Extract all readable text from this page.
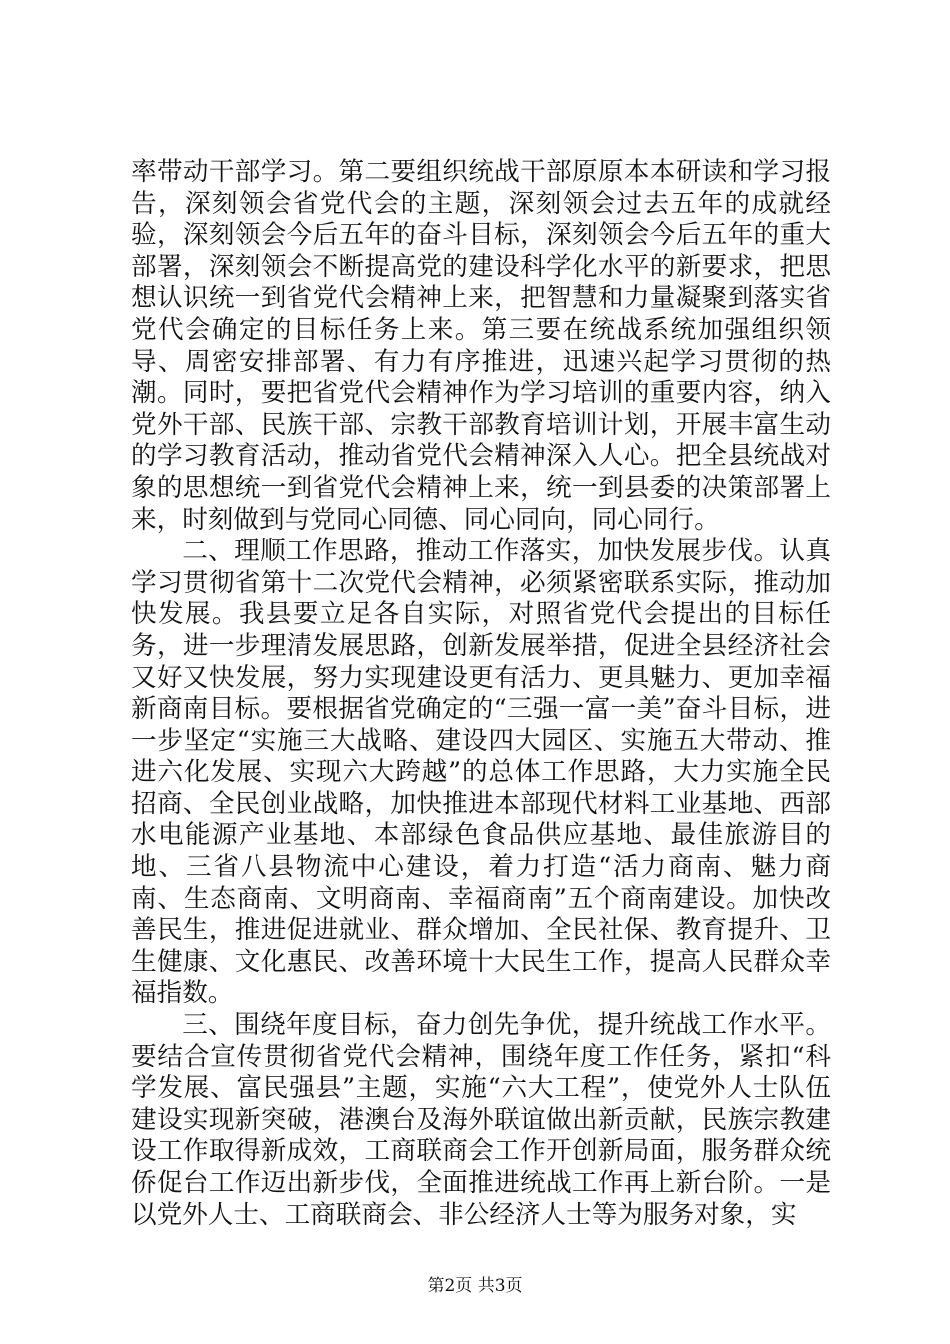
率带动干部学习。第二要组织统战干部原原本本研读和学习报告，深刻领会省党代会的主题，深刻领会过去五年的成就经验，深刻领会今后五年的奋斗目标，深刻领会今后五年的重大部署，深刻领会不断提高党的建设科学化水平的新要求，把思想认识统一到省党代会精神上来，把智慧和力量凝聚到落实省党代会确定的目标任务上来。第三要在统战系统加强组织领导、周密安排部署、有力有序推进，迅速兴起学习贯彻的热潮。同时，要把省党代会精神作为学习培训的重要内容，纳入党外干部、民族干部、宗教干部教育培训计划，开展丰富生动的学习教育活动，推动省党代会精神深入人心。把全县统战对象的思想统一到省党代会精神上来，统一到县委的决策部署上来，时刻做到与党同心同德、同心同向，同心同行。

二、理顺工作思路，推动工作落实，加快发展步伐。认真学习贯彻省第十二次党代会精神，必须紧密联系实际，推动加快发展。我县要立足各自实际，对照省党代会提出的目标任务，进一步理清发展思路，创新发展举措，促进全县经济社会又好又快发展，努力实现建设更有活力、更具魅力、更加幸福新商南目标。要根据省党确定的“三强一富一美”奋斗目标，进一步坚定“实施三大战略、建设四大园区、实施五大带动、推进六化发展、实现六大跨越”的总体工作思路，大力实施全民招商、全民创业战略，加快推进本部现代材料工业基地、西部水电能源产业基地、本部绿色食品供应基地、最佳旅游目的地、三省八县物流中心建设，着力打造“活力商南、魅力商南、生态商南、文明商南、幸福商南”五个商南建设。加快改善民生，推进促进就业、群众增加、全民社保、教育提升、卫生健康、文化惠民、改善环境十大民生工作，提高人民群众幸福指数。

三、围绕年度目标，奋力创先争优，提升统战工作水平。要结合宣传贯彻省党代会精神，围绕年度工作任务，紧扣“科学发展、富民强县”主题，实施“六大工程”，使党外人士队伍建设实现新突破，港澳台及海外联谊做出新贡献，民族宗教建设工作取得新成效，工商联商会工作开创新局面，服务群众统侨促台工作迈出新步伐，全面推进统战工作再上新台阶。一是以党外人士、工商联商会、非公经济人士等为服务对象，实

第2页 共3页
